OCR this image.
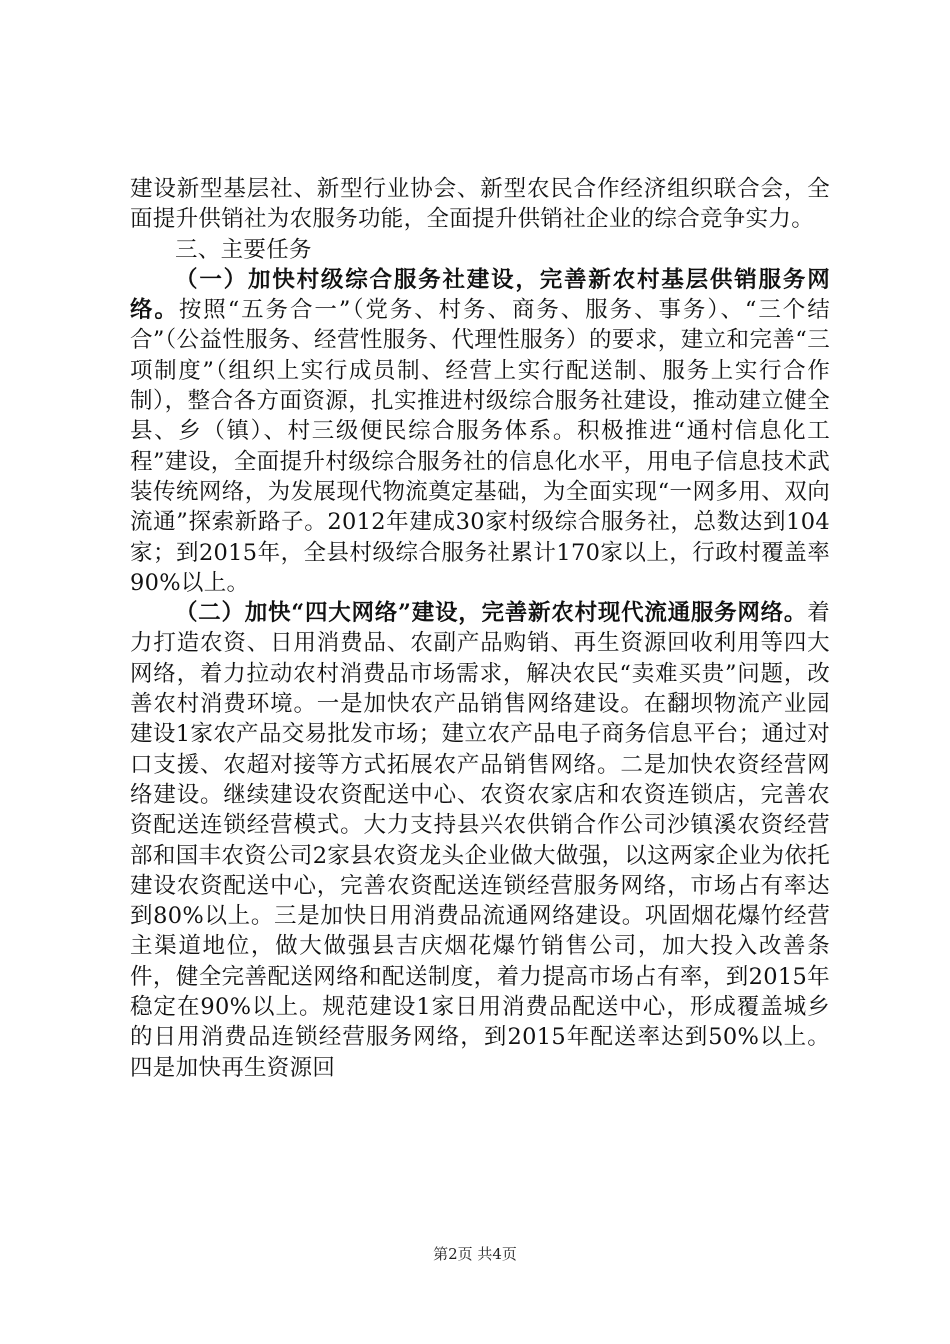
建设新型基层社、新型行业协会、新型农民合作经济组织联合会，全面提升供销社为农服务功能，全面提升供销社企业的综合竞争实力。

三、主要任务

（一）加快村级综合服务社建设，完善新农村基层供销服务网络。按照“五务合一”（党务、村务、商务、服务、事务）、“三个结合”（公益性服务、经营性服务、代理性服务）的要求，建立和完善“三项制度”（组织上实行成员制、经营上实行配送制、服务上实行合作制），整合各方面资源，扎实推进村级综合服务社建设，推动建立健全县、乡（镇）、村三级便民综合服务体系。积极推进“通村信息化工程”建设，全面提升村级综合服务社的信息化水平，用电子信息技术武装传统网络，为发展现代物流奠定基础，为全面实现“一网多用、双向流通”探索新路子。2012年建成30家村级综合服务社，总数达到104家；到2015年，全县村级综合服务社累计170家以上，行政村覆盖率90%以上。

（二）加快“四大网络”建设，完善新农村现代流通服务网络。着力打造农资、日用消费品、农副产品购销、再生资源回收利用等四大网络，着力拉动农村消费品市场需求，解决农民“卖难买贵”问题，改善农村消费环境。一是加快农产品销售网络建设。在翻坝物流产业园建设1家农产品交易批发市场；建立农产品电子商务信息平台；通过对口支援、农超对接等方式拓展农产品销售网络。二是加快农资经营网络建设。继续建设农资配送中心、农资农家店和农资连锁店，完善农资配送连锁经营模式。大力支持县兴农供销合作公司沙镇溪农资经营部和国丰农资公司2家县农资龙头企业做大做强，以这两家企业为依托建设农资配送中心，完善农资配送连锁经营服务网络，市场占有率达到80%以上。三是加快日用消费品流通网络建设。巩固烟花爆竹经营主渠道地位，做大做强县吉庆烟花爆竹销售公司，加大投入改善条件，健全完善配送网络和配送制度，着力提高市场占有率，到2015年稳定在90%以上。规范建设1家日用消费品配送中心，形成覆盖城乡的日用消费品连锁经营服务网络，到2015年配送率达到50%以上。四是加快再生资源回

第2页 共4页
